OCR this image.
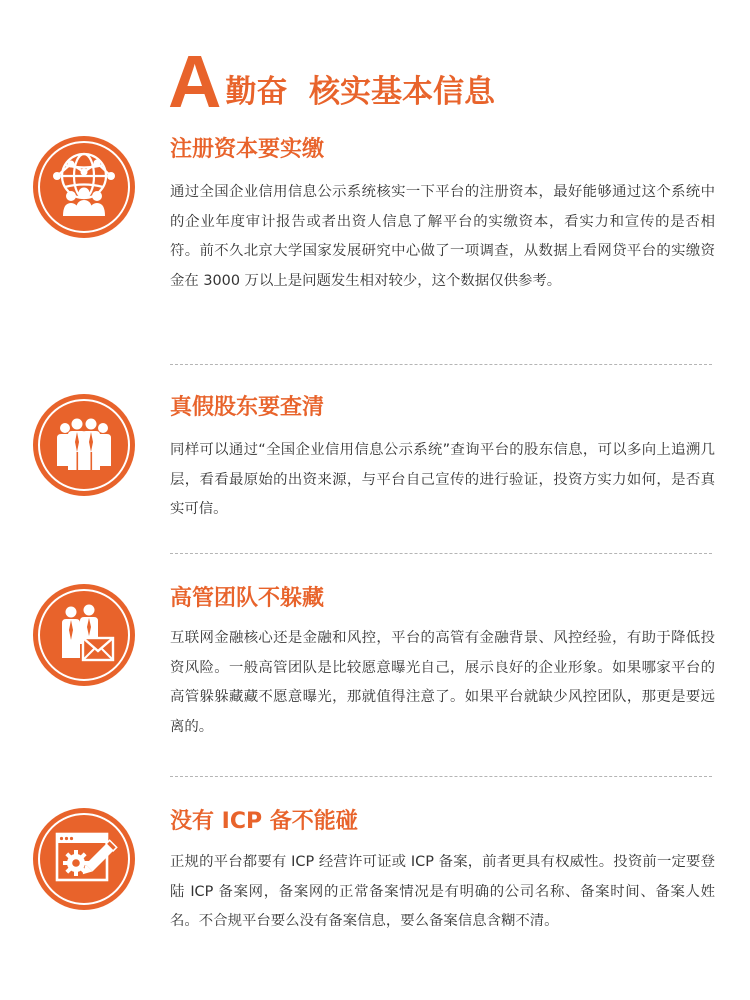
A 勤奋  核实基本信息
注册资本要实缴
通过全国企业信用信息公示系统核实一下平台的注册资本，最好能够通过这个系统中的企业年度审计报告或者出资人信息了解平台的实缴资本，看实力和宣传的是否相符。前不久北京大学国家发展研究中心做了一项调查，从数据上看网贷平台的实缴资金在 3000 万以上是问题发生相对较少，这个数据仅供参考。
真假股东要查清
同样可以通过“全国企业信用信息公示系统”查询平台的股东信息，可以多向上追溯几层，看看最原始的出资来源，与平台自己宣传的进行验证，投资方实力如何，是否真实可信。
高管团队不躲藏
互联网金融核心还是金融和风控，平台的高管有金融背景、风控经验，有助于降低投资风险。一般高管团队是比较愿意曝光自己，展示良好的企业形象。如果哪家平台的高管躲躲藏藏不愿意曝光，那就值得注意了。如果平台就缺少风控团队，那更是要远离的。
没有 ICP 备不能碰
正规的平台都要有 ICP 经营许可证或 ICP 备案，前者更具有权威性。投资前一定要登陆 ICP 备案网，备案网的正常备案情况是有明确的公司名称、备案时间、备案人姓名。不合规平台要么没有备案信息，要么备案信息含糊不清。
